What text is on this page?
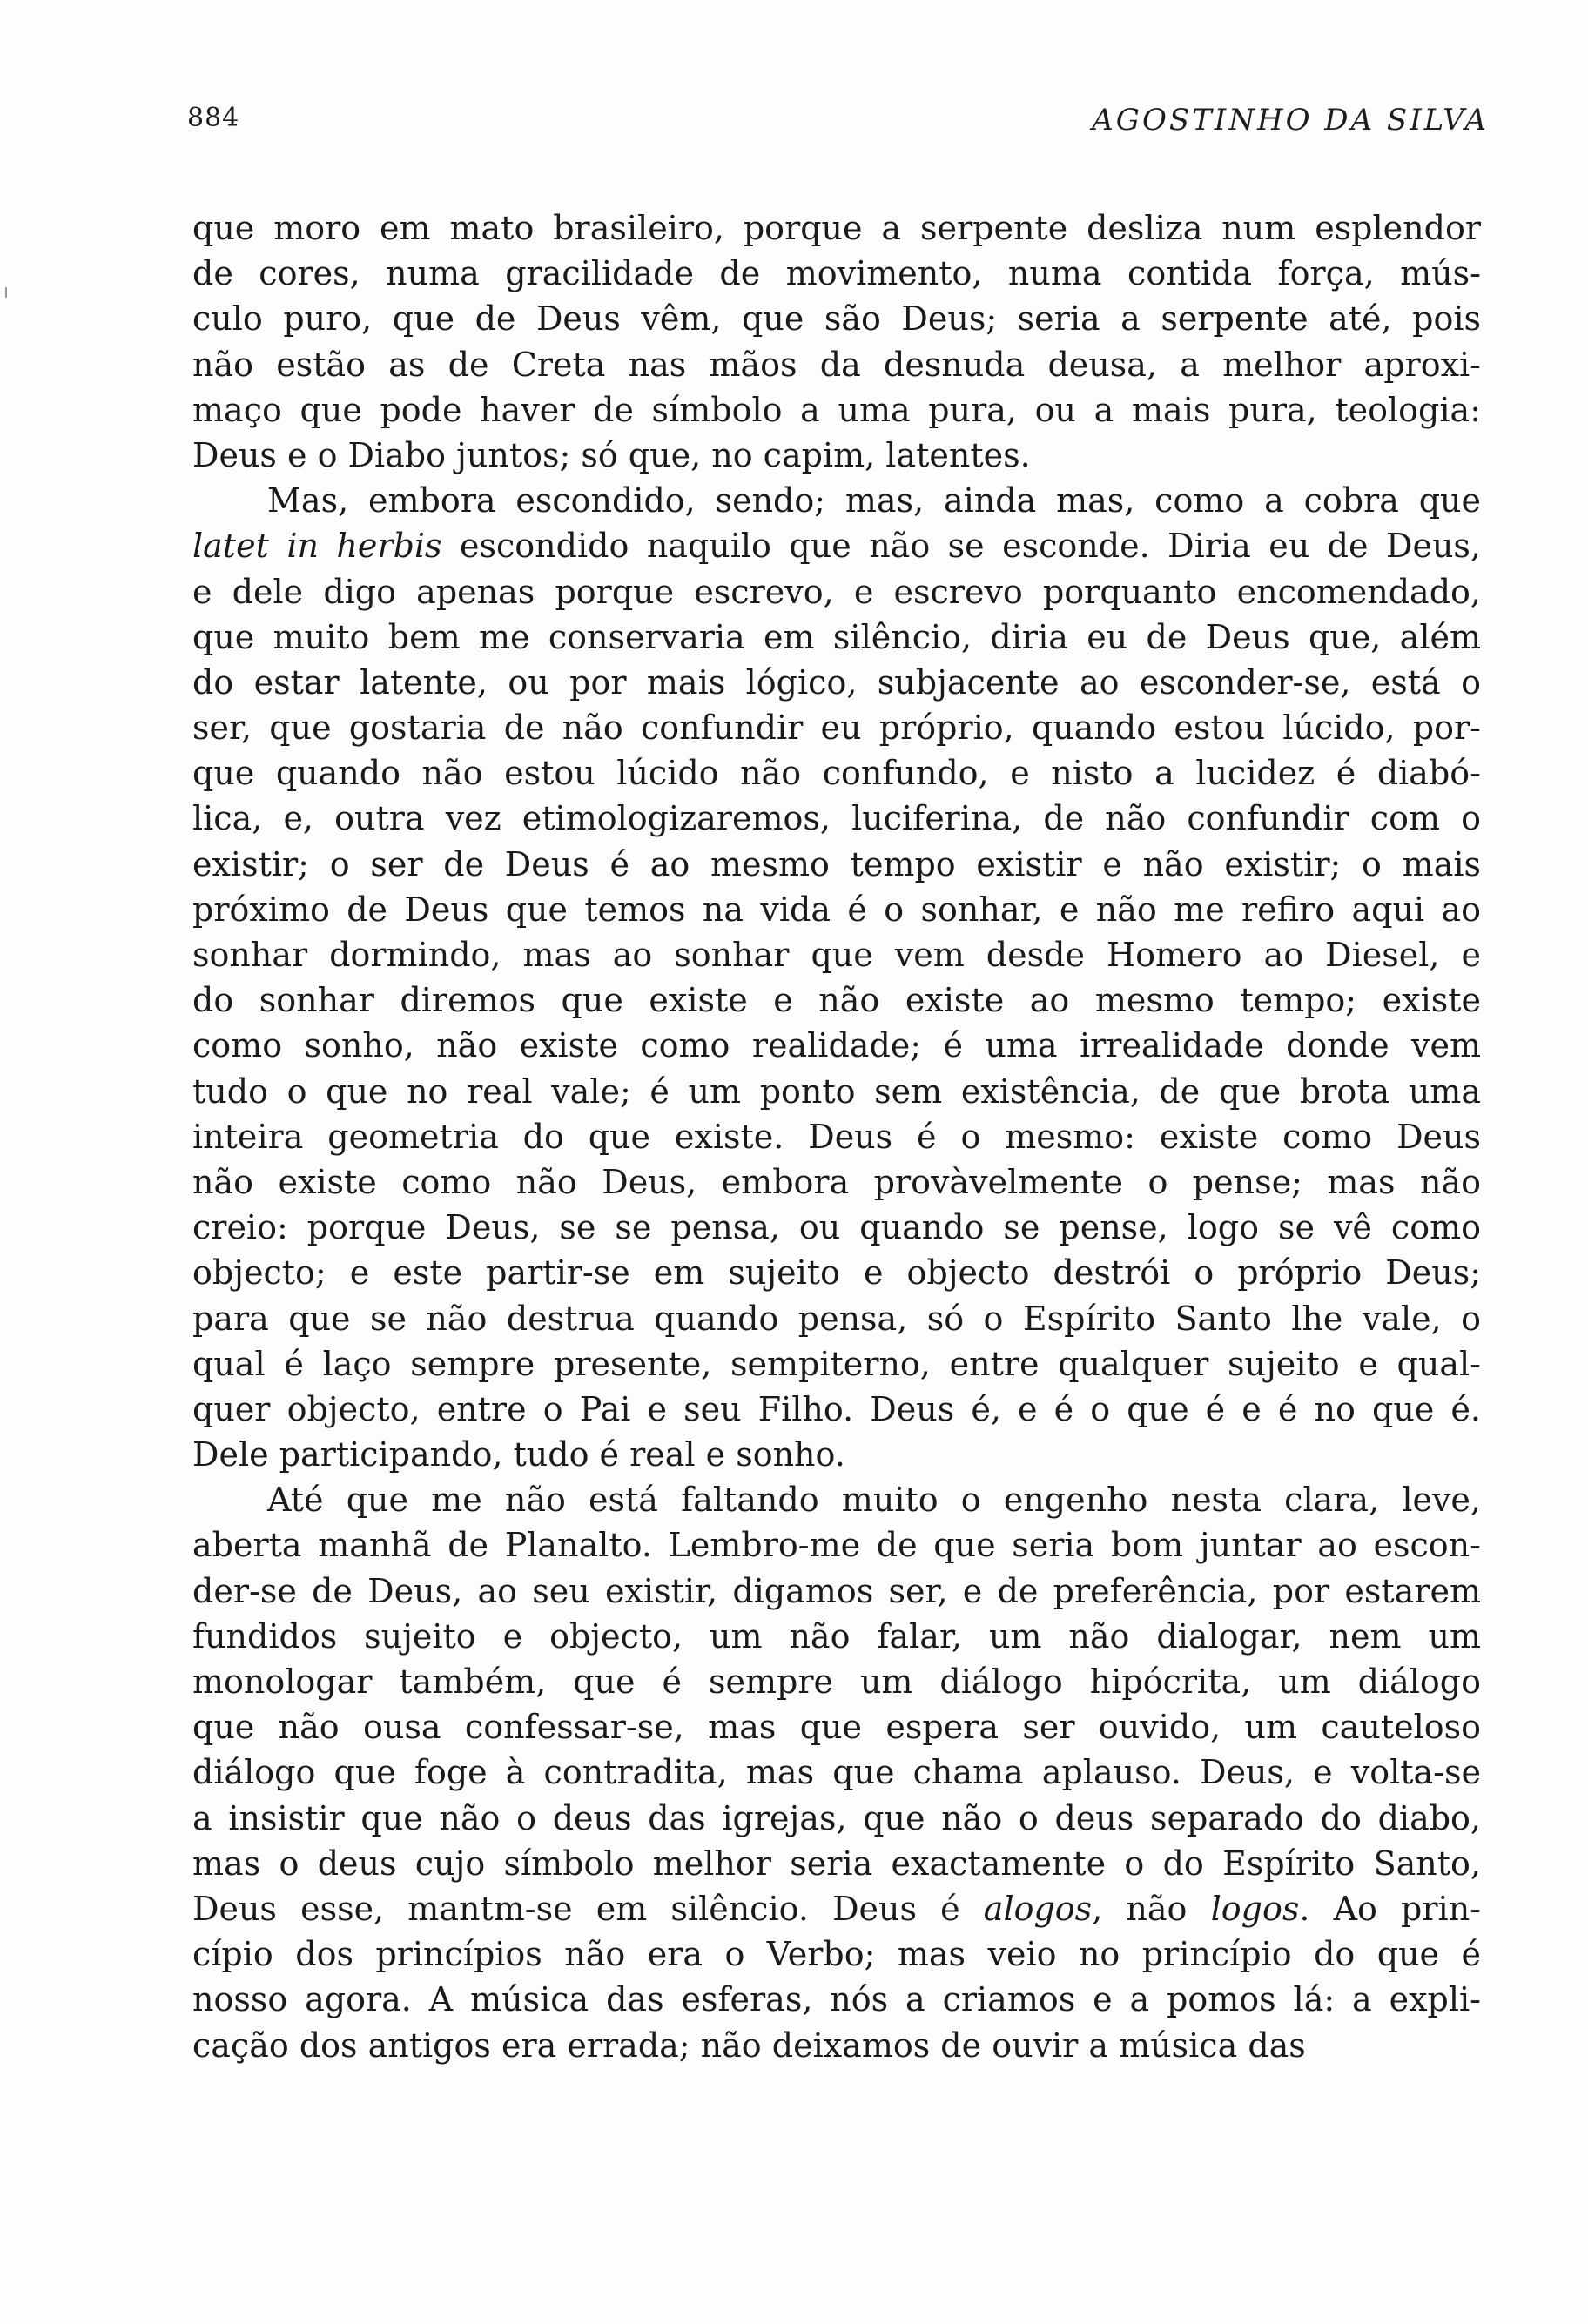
884	AGOSTINHO DA SILVA
que moro em mato brasileiro, porque a serpente desliza num esplendor
de cores, numa gracilidade de movimento, numa contida força, mús-
culo puro, que de Deus vêm, que são Deus; seria a serpente até, pois
não estão as de Creta nas mãos da desnuda deusa, a melhor aproxi-
maço que pode haver de símbolo a uma pura, ou a mais pura, teologia:
Deus e o Diabo juntos; só que, no capim, latentes.
Mas, embora escondido, sendo; mas, ainda mas, como a cobra que
latet in herbis escondido naquilo que não se esconde. Diria eu de Deus,
e dele digo apenas porque escrevo, e escrevo porquanto encomendado,
que muito bem me conservaria em silêncio, diria eu de Deus que, além
do estar latente, ou por mais lógico, subjacente ao esconder-se, está o
ser, que gostaria de não confundir eu próprio, quando estou lúcido, por-
que quando não estou lúcido não confundo, e nisto a lucidez é diabó-
lica, e, outra vez etimologizaremos, luciferina, de não confundir com o
existir; o ser de Deus é ao mesmo tempo existir e não existir; o mais
próximo de Deus que temos na vida é o sonhar, e não me refiro aqui ao
sonhar dormindo, mas ao sonhar que vem desde Homero ao Diesel, e
do sonhar diremos que existe e não existe ao mesmo tempo; existe
como sonho, não existe como realidade; é uma irrealidade donde vem
tudo o que no real vale; é um ponto sem existência, de que brota uma
inteira geometria do que existe. Deus é o mesmo: existe como Deus
não existe como não Deus, embora provàvelmente o pense; mas não
creio: porque Deus, se se pensa, ou quando se pense, logo se vê como
objecto; e este partir-se em sujeito e objecto destrói o próprio Deus;
para que se não destrua quando pensa, só o Espírito Santo lhe vale, o
qual é laço sempre presente, sempiterno, entre qualquer sujeito e qual-
quer objecto, entre o Pai e seu Filho. Deus é, e é o que é e é no que é.
Dele participando, tudo é real e sonho.
Até que me não está faltando muito o engenho nesta clara, leve,
aberta manhã de Planalto. Lembro-me de que seria bom juntar ao escon-
der-se de Deus, ao seu existir, digamos ser, e de preferência, por estarem
fundidos sujeito e objecto, um não falar, um não dialogar, nem um
monologar também, que é sempre um diálogo hipócrita, um diálogo
que não ousa confessar-se, mas que espera ser ouvido, um cauteloso
diálogo que foge à contradita, mas que chama aplauso. Deus, e volta-se
a insistir que não o deus das igrejas, que não o deus separado do diabo,
mas o deus cujo símbolo melhor seria exactamente o do Espírito Santo,
Deus esse, mantm-se em silêncio. Deus é alogos, não logos. Ao prin-
cípio dos princípios não era o Verbo; mas veio no princípio do que é
nosso agora. A música das esferas, nós a criamos e a pomos lá: a expli-
cação dos antigos era errada; não deixamos de ouvir a música das
